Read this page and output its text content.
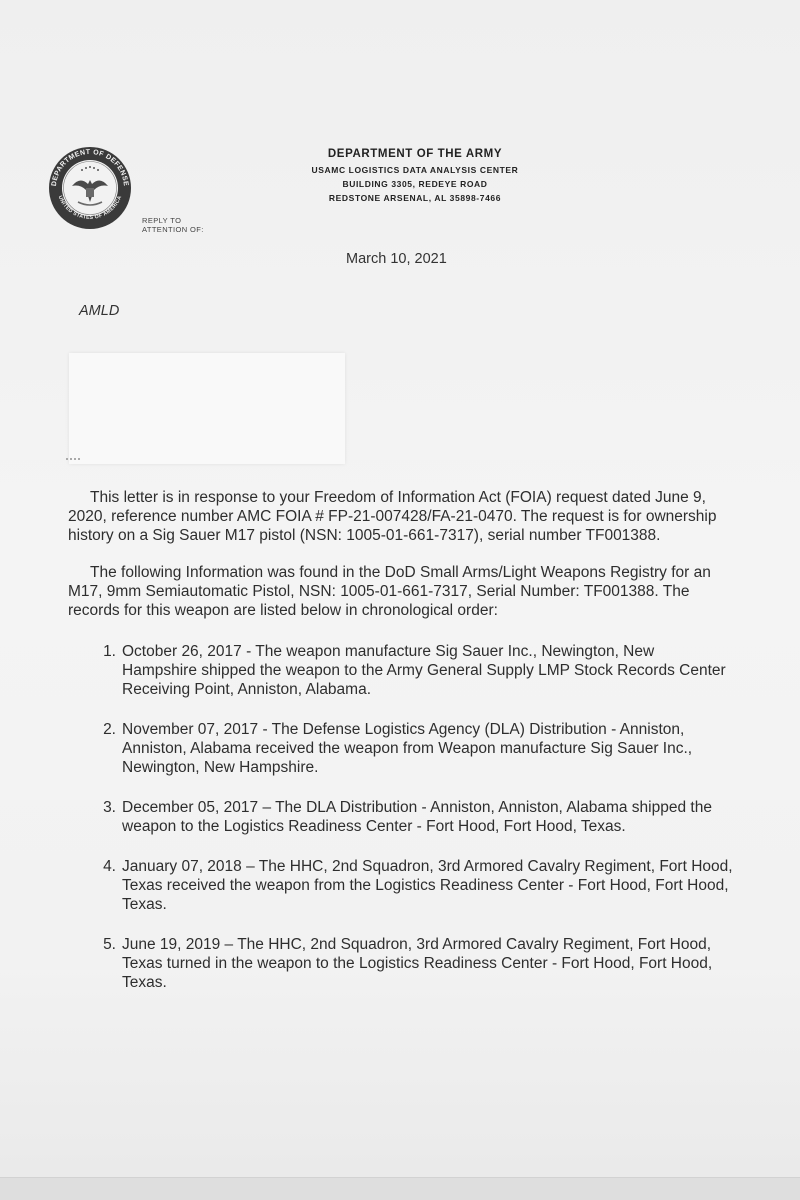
DEPARTMENT OF DEFENSE
UNITED STATES OF AMERICA
REPLY TO
ATTENTION OF:
DEPARTMENT OF THE ARMY
USAMC LOGISTICS DATA ANALYSIS CENTER
BUILDING 3305, REDEYE ROAD
REDSTONE ARSENAL, AL 35898-7466
March 10, 2021
AMLD

This letter is in response to your Freedom of Information Act (FOIA) request dated June 9, 2020, reference number AMC FOIA # FP-21-007428/FA-21-0470. The request is for ownership history on a Sig Sauer M17 pistol (NSN: 1005-01-661-7317), serial number TF001388.

The following Information was found in the DoD Small Arms/Light Weapons Registry for an M17, 9mm Semiautomatic Pistol, NSN: 1005-01-661-7317, Serial Number: TF001388. The records for this weapon are listed below in chronological order:

1. October 26, 2017 - The weapon manufacture Sig Sauer Inc., Newington, New Hampshire shipped the weapon to the Army General Supply LMP Stock Records Center Receiving Point, Anniston, Alabama.
2. November 07, 2017 - The Defense Logistics Agency (DLA) Distribution - Anniston, Anniston, Alabama received the weapon from Weapon manufacture Sig Sauer Inc., Newington, New Hampshire.
3. December 05, 2017 – The DLA Distribution - Anniston, Anniston, Alabama shipped the weapon to the Logistics Readiness Center - Fort Hood, Fort Hood, Texas.
4. January 07, 2018 – The HHC, 2nd Squadron, 3rd Armored Cavalry Regiment, Fort Hood, Texas received the weapon from the Logistics Readiness Center - Fort Hood, Fort Hood, Texas.
5. June 19, 2019 – The HHC, 2nd Squadron, 3rd Armored Cavalry Regiment, Fort Hood, Texas turned in the weapon to the Logistics Readiness Center - Fort Hood, Fort Hood, Texas.
